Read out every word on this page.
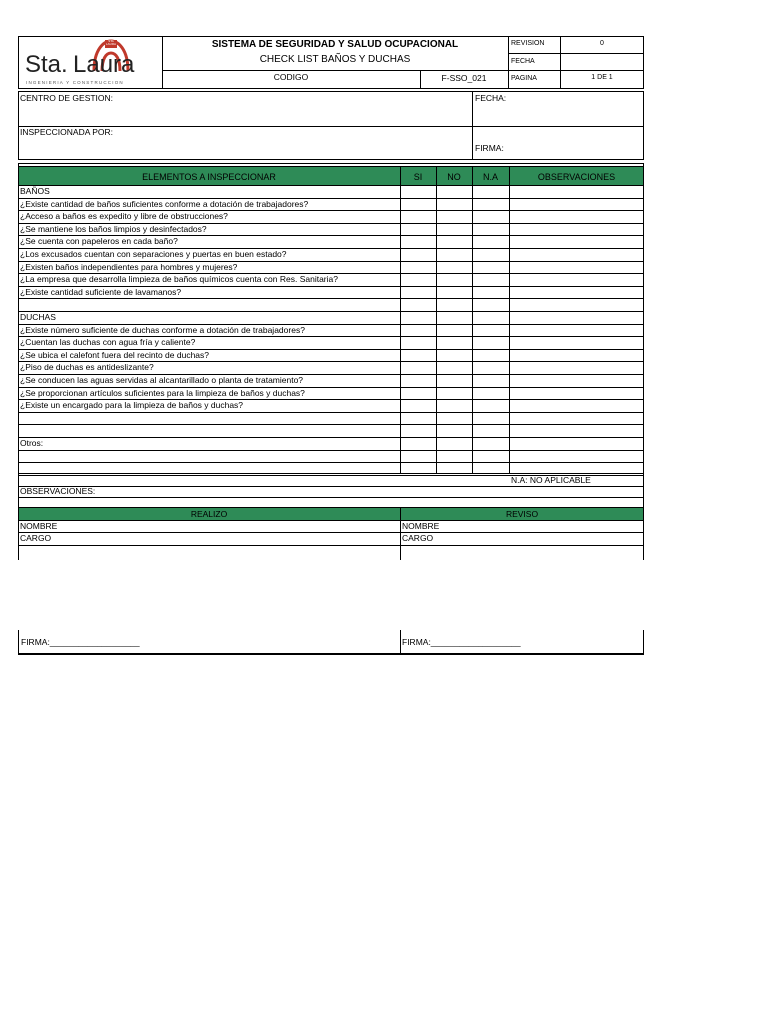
STA LAURA
Sta. Laura
INGENIERIA Y CONSTRUCCION
SISTEMA DE SEGURIDAD Y SALUD OCUPACIONAL
CHECK LIST BAÑOS Y DUCHAS
CODIGO	F-SSO_021
REVISION	0
FECHA
PAGINA	1 DE 1
CENTRO DE GESTION:	FECHA:
INSPECCIONADA POR:
FIRMA:
ELEMENTOS A INSPECCIONAR	SI	NO	N.A	OBSERVACIONES
BAÑOS
¿Existe cantidad de baños suficientes conforme a dotación de trabajadores?
¿Acceso a baños es expedito y libre de obstrucciones?
¿Se mantiene los baños limpios y desinfectados?
¿Se cuenta con papeleros en cada baño?
¿Los excusados cuentan con separaciones y puertas en buen estado?
¿Existen baños independientes para hombres y mujeres?
¿La empresa que desarrolla limpieza de baños químicos cuenta con Res. Sanitaria?
¿Existe cantidad suficiente de lavamanos?
DUCHAS
¿Existe número suficiente de duchas conforme a dotación de trabajadores?
¿Cuentan las duchas con agua fría y caliente?
¿Se ubica el calefont fuera del recinto de duchas?
¿Piso de duchas es antideslizante?
¿Se conducen las aguas servidas al alcantarillado o planta de tratamiento?
¿Se proporcionan artículos suficientes para la limpieza de baños y duchas?
¿Existe un encargado para la limpieza de baños y duchas?
Otros:
N.A: NO APLICABLE
OBSERVACIONES:
REALIZO	REVISO
NOMBRE
CARGO
NOMBRE
CARGO
FIRMA:___________________	FIRMA:___________________
